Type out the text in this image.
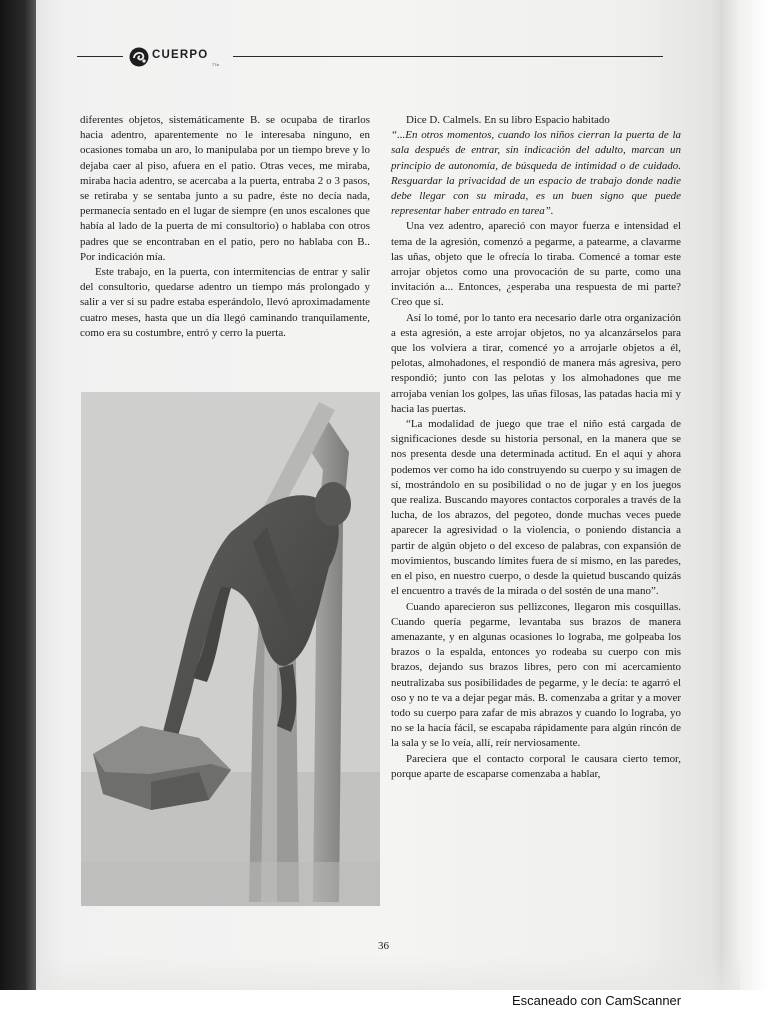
CUERPO
77a

diferentes objetos, sistemáticamente B. se ocupaba de tirarlos hacia adentro, aparentemente no le interesaba ninguno, en ocasiones tomaba un aro, lo manipulaba por un tiempo breve y lo dejaba caer al piso, afuera en el patio. Otras veces, me miraba, miraba hacia adentro, se acercaba a la puerta, entraba 2 o 3 pasos, se retiraba y se sentaba junto a su padre, éste no decía nada, permanecía sentado en el lugar de siempre (en unos escalones que había al lado de la puerta de mi consultorio) o hablaba con otros padres que se encontraban en el patio, pero no hablaba con B.. Por indicación mía.

Este trabajo, en la puerta, con intermitencias de entrar y salir del consultorio, quedarse adentro un tiempo más prolongado y salir a ver si su padre estaba esperándolo, llevó aproximadamente cuatro meses, hasta que un día llegó caminando tranquilamente, como era su costumbre, entró y cerro la puerta.

Dice D. Calmels. En su libro Espacio habitado

“...En otros momentos, cuando los niños cierran la puerta de la sala después de entrar, sin indicación del adulto, marcan un principio de autonomía, de búsqueda de intimidad o de cuidado. Resguardar la privacidad de un espacio de trabajo donde nadie debe llegar con su mirada, es un buen signo que puede representar haber entrado en tarea”.

Una vez adentro, apareció con mayor fuerza e intensidad el tema de la agresión, comenzó a pegarme, a patearme, a clavarme las uñas, objeto que le ofrecía lo tiraba. Comencé a tomar este arrojar objetos como una provocación de su parte, como una invitación a... Entonces, ¿esperaba una respuesta de mi parte? Creo que sí.

Así lo tomé, por lo tanto era necesario darle otra organización a esta agresión, a este arrojar objetos, no ya alcanzárselos para que los volviera a tirar, comencé yo a arrojarle objetos a él, pelotas, almohadones, el respondió de manera más agresiva, pero respondió; junto con las pelotas y los almohadones que me arrojaba venían los golpes, las uñas filosas, las patadas hacia mi y hacia las puertas.

“La modalidad de juego que trae el niño está cargada de significaciones desde su historia personal, en la manera que se nos presenta desde una determinada actitud. En el aquí y ahora podemos ver como ha ido construyendo su cuerpo y su imagen de sí, mostrándolo en su posibilidad o no de jugar y en los juegos que realiza. Buscando mayores contactos corporales a través de la lucha, de los abrazos, del pegoteo, donde muchas veces puede aparecer la agresividad o la violencia, o poniendo distancia a partir de algún objeto o del exceso de palabras, con expansión de movimientos, buscando límites fuera de sí mismo, en las paredes, en el piso, en nuestro cuerpo, o desde la quietud buscando quizás el encuentro a través de la mirada o del sostén de una mano”.

Cuando aparecieron sus pellizcones, llegaron mis cosquillas. Cuando quería pegarme, levantaba sus brazos de manera amenazante, y en algunas ocasiones lo lograba, me golpeaba los brazos o la espalda, entonces yo rodeaba su cuerpo con mis brazos, dejando sus brazos libres, pero con mi acercamiento neutralizaba sus posibilidades de pegarme, y le decía: te agarró el oso y no te va a dejar pegar más. B. comenzaba a gritar y a mover todo su cuerpo para zafar de mis abrazos y cuando lo lograba, yo no se la hacía fácil, se escapaba rápidamente para algún rincón de la sala y se lo veía, allí, reír nerviosamente.

Pareciera que el contacto corporal le causara cierto temor, porque aparte de escaparse comenzaba a hablar,

36
Escaneado con CamScanner
